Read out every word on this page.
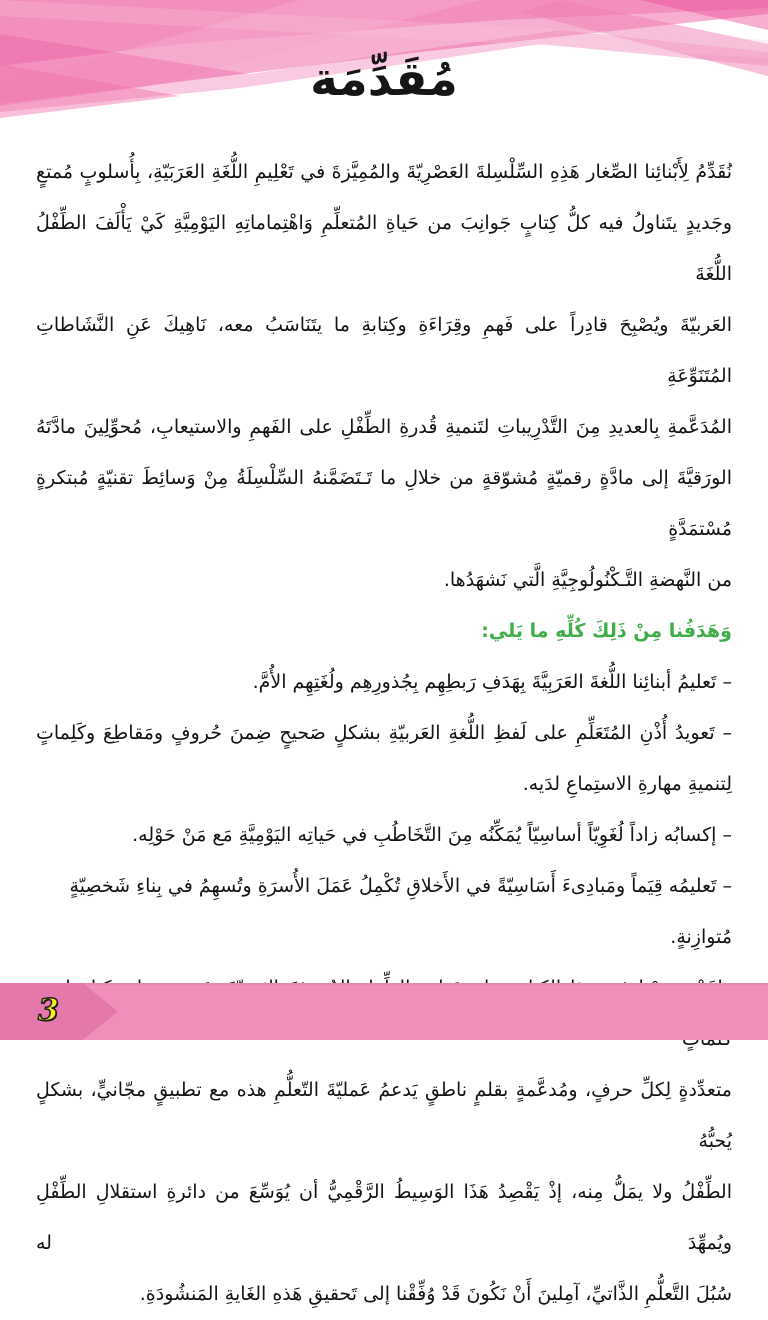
مُقَدِّمَة
نُقَدِّمُ لِأَبْنائِنا الصِّغار هَذِهِ السِّلْسِلةَ العَصْرِيّةَ والمُمِيَّزةَ في تَعْلِيمِ اللُّغَةِ العَرَبَيّةِ، بِأُسلوبٍ مُمتعٍ
وجَديدٍ يتَناولُ فيه كلُّ كِتابٍ جَوانِبَ من حَياةِ المُتعلِّمِ وَاهْتِماماتِهِ اليَوْمِيَّةِ كَيْ يَأْلَفَ الطِّفْلُ اللُّغَةَ
العَربيّةَ ويُصْبِحَ قادِراً على فَهمِ وقِرَاءَةِ وكِتابةِ ما يتَنَاسَبُ معه، نَاهِيكَ عَنِ النَّشَاطاتِ المُتَنَوِّعَةِ
المُدَعَّمةِ بِالعديدِ مِنَ التَّدْرِيباتِ لتَنميةِ قُدرةِ الطِّفْلِ على الفَهمِ والاستيعابِ، مُحوِّلِينَ مادَّتَهُ
الورَقيَّةَ إلى مادَّةٍ رقميّةٍ مُشوّقةٍ من خلالِ ما تَـتَضَمَّنهُ السِّلْسِلَةُ مِنْ وَسائِطَ تقنيّةٍ مُبتكرةٍ مُسْتمَدَّةٍ
من النَّهضةِ التَّـكْنُولُوجِيَّةِ الَّتي نَشهَدُها.
وَهَدَفُنا مِنْ ذَلِكَ كُلِّهِ ما يَلي:
– تَعليمُ أبنائِنا اللُّغةَ العَرَبِيَّةَ بِهَدَفِ رَبطِهِم بِجُذورِهِم ولُغَتِهِم الأُمَّ.
– تَعويدُ أُذْنِ المُتَعَلِّمِ على لَفظِ اللُّغةِ العَربيّةِ بشكلٍ صَحيحٍ ضِمنَ حُروفٍ ومَقاطِعَ وكَلِماتٍ
لِتنميةِ مهارةِ الاستِماعِ لدَيه.
– إكسابُه زاداً لُغَوِيّاً أساسِيّاً يُمَكِّنُه مِنَ التَّخَاطُبِ في حَياتِه اليَوْمِيَّةِ مَع مَنْ حَوْلِه.
– تَعليمُه قِيَماً ومَبادِىءَ أَسَاسِيّةً في الأَخلاقِ تُكْمِلُ عَمَلَ الأُسرَةِ وتُسهِمُ في بِناءِ شَخصِيّةٍ مُتوازِنةٍ.
متعدِّدةٍ لِكلِّ حرفٍ، ومُدعَّمةٍ بقلمٍ ناطقٍ يَدعمُ عَمليّةَ التّعلُّمِ هذه مع تطبيقٍ مجّانيٍّ، بشكلٍ يُحبُّهُ
الطِّفْلُ ولا يمَلُّ مِنه، إذْ يَقْصِدُ هَذَا الوَسِيطُ الرَّقْمِيُّ أن يُوَسِّعَ من دائرةِ استقلالِ الطِّفْلِ ويُمهِّدَ له
سُبُلَ التَّعلُّمِ الذَّاتيِّ، آمِلينَ أَنْ نَكُونَ قَدْ وُفِّقْنا إلى تَحقيقِ هَذهِ الغَايةِ المَنشُودَةِ.
3
